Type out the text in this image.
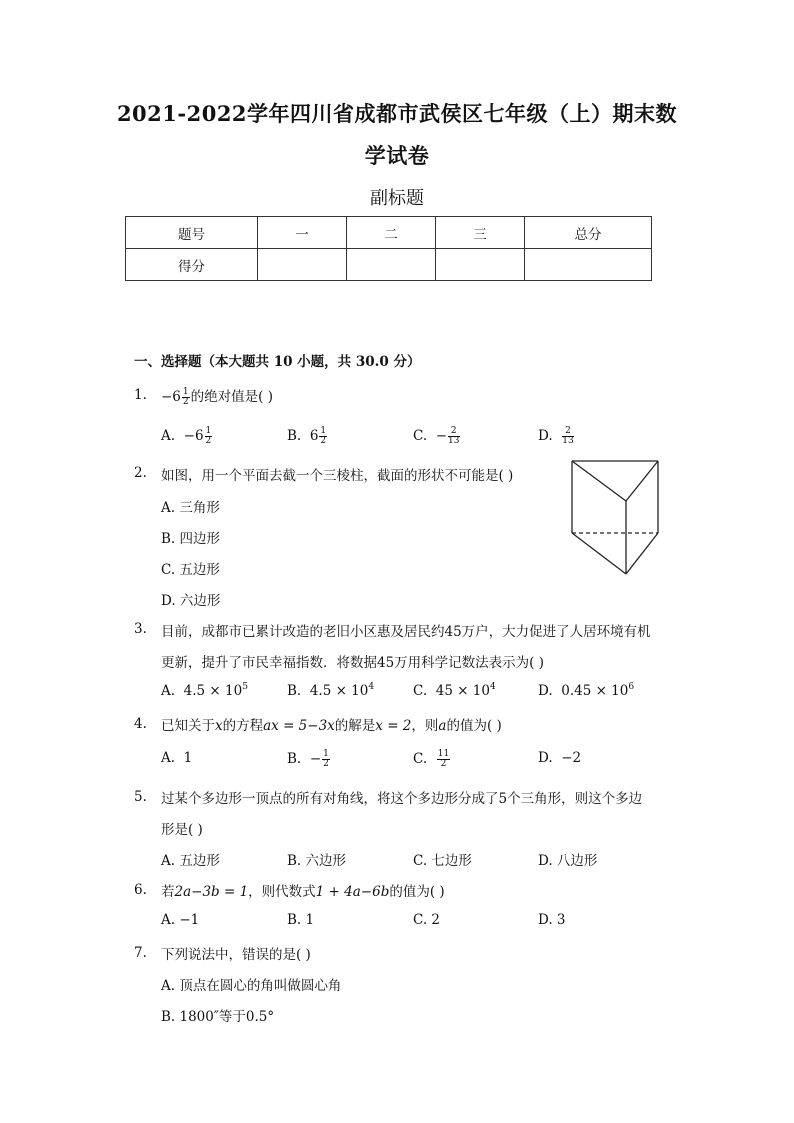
2021-2022学年四川省成都市武侯区七年级（上）期末数
学试卷
副标题
题号	一	二	三	总分
得分				
一、选择题（本大题共 10 小题，共 30.0 分）
1. $-6 \frac{1}{2}$ 的绝对值是( )
A. $-6 \frac{1}{2}$	B. $6 \frac{1}{2}$	C. − $\frac{2}{13}$	D. $\frac{2}{13}$
2. 如图，用一个平面去截一个三棱柱，截面的形状不可能是( )
A. 三角形
B. 四边形
C. 五边形
D. 六边形
3. 目前，成都市已累计改造的老旧小区惠及居民约45万户，大力促进了人居环境有机
更新，提升了市民幸福指数．将数据45万用科学记数法表示为( )
A. $4.5 \times 10^5$	B. $4.5 \times 10^4$	C. $45 \times 10^4$	D. $0.45 \times 10^6$
4. 已知关于x的方程ax = 5−3x的解是x = 2，则a的值为( )
A. 1	B. − $\frac{1}{2}$	C. $\frac{11}{2}$	D. −2
5. 过某个多边形一顶点的所有对角线，将这个多边形分成了5个三角形，则这个多边
形是( )
A. 五边形	B. 六边形	C. 七边形	D. 八边形
6. 若2a−3b = 1，则代数式1 + 4a−6b的值为( )
A. −1	B. 1	C. 2	D. 3
7. 下列说法中，错误的是( )
A. 顶点在圆心的角叫做圆心角
B. 1800″等于0.5°
